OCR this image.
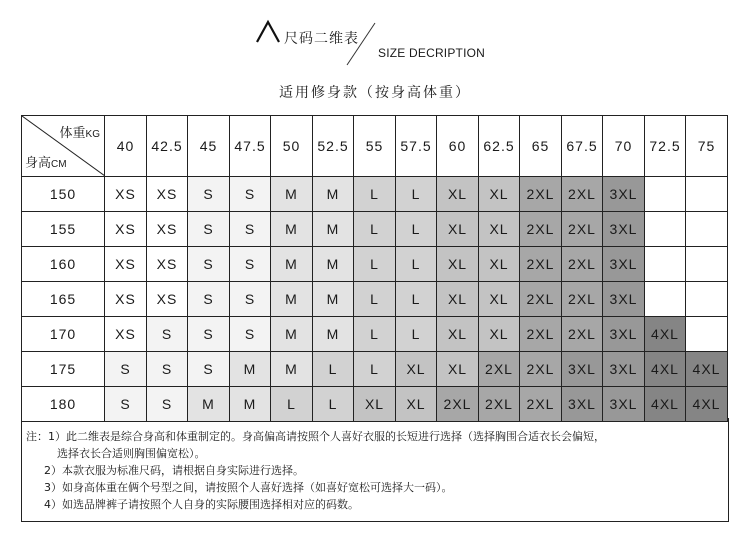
尺码二维表
SIZE DECRIPTION
适用修身款（按身高体重）
体重KG
身高CM	40	42.5	45	47.5	50	52.5	55	57.5	60	62.5	65	67.5	70	72.5	75
150	XS	XS	S	S	M	M	L	L	XL	XL	2XL	2XL	3XL		
155	XS	XS	S	S	M	M	L	L	XL	XL	2XL	2XL	3XL		
160	XS	XS	S	S	M	M	L	L	XL	XL	2XL	2XL	3XL		
165	XS	XS	S	S	M	M	L	L	XL	XL	2XL	2XL	3XL		
170	XS	S	S	S	M	M	L	L	XL	XL	2XL	2XL	3XL	4XL	
175	S	S	S	M	M	L	L	XL	XL	2XL	2XL	3XL	3XL	4XL	4XL
180	S	S	M	M	L	L	XL	XL	2XL	2XL	2XL	3XL	3XL	4XL	4XL
注：1）此二维表是综合身高和体重制定的。身高偏高请按照个人喜好衣服的长短进行选择（选择胸围合适衣长会偏短，
选择衣长合适则胸围偏宽松）。
2）本款衣服为标准尺码，请根据自身实际进行选择。
3）如身高体重在俩个号型之间，请按照个人喜好选择（如喜好宽松可选择大一码）。
4）如选品牌裤子请按照个人自身的实际腰围选择相对应的码数。
